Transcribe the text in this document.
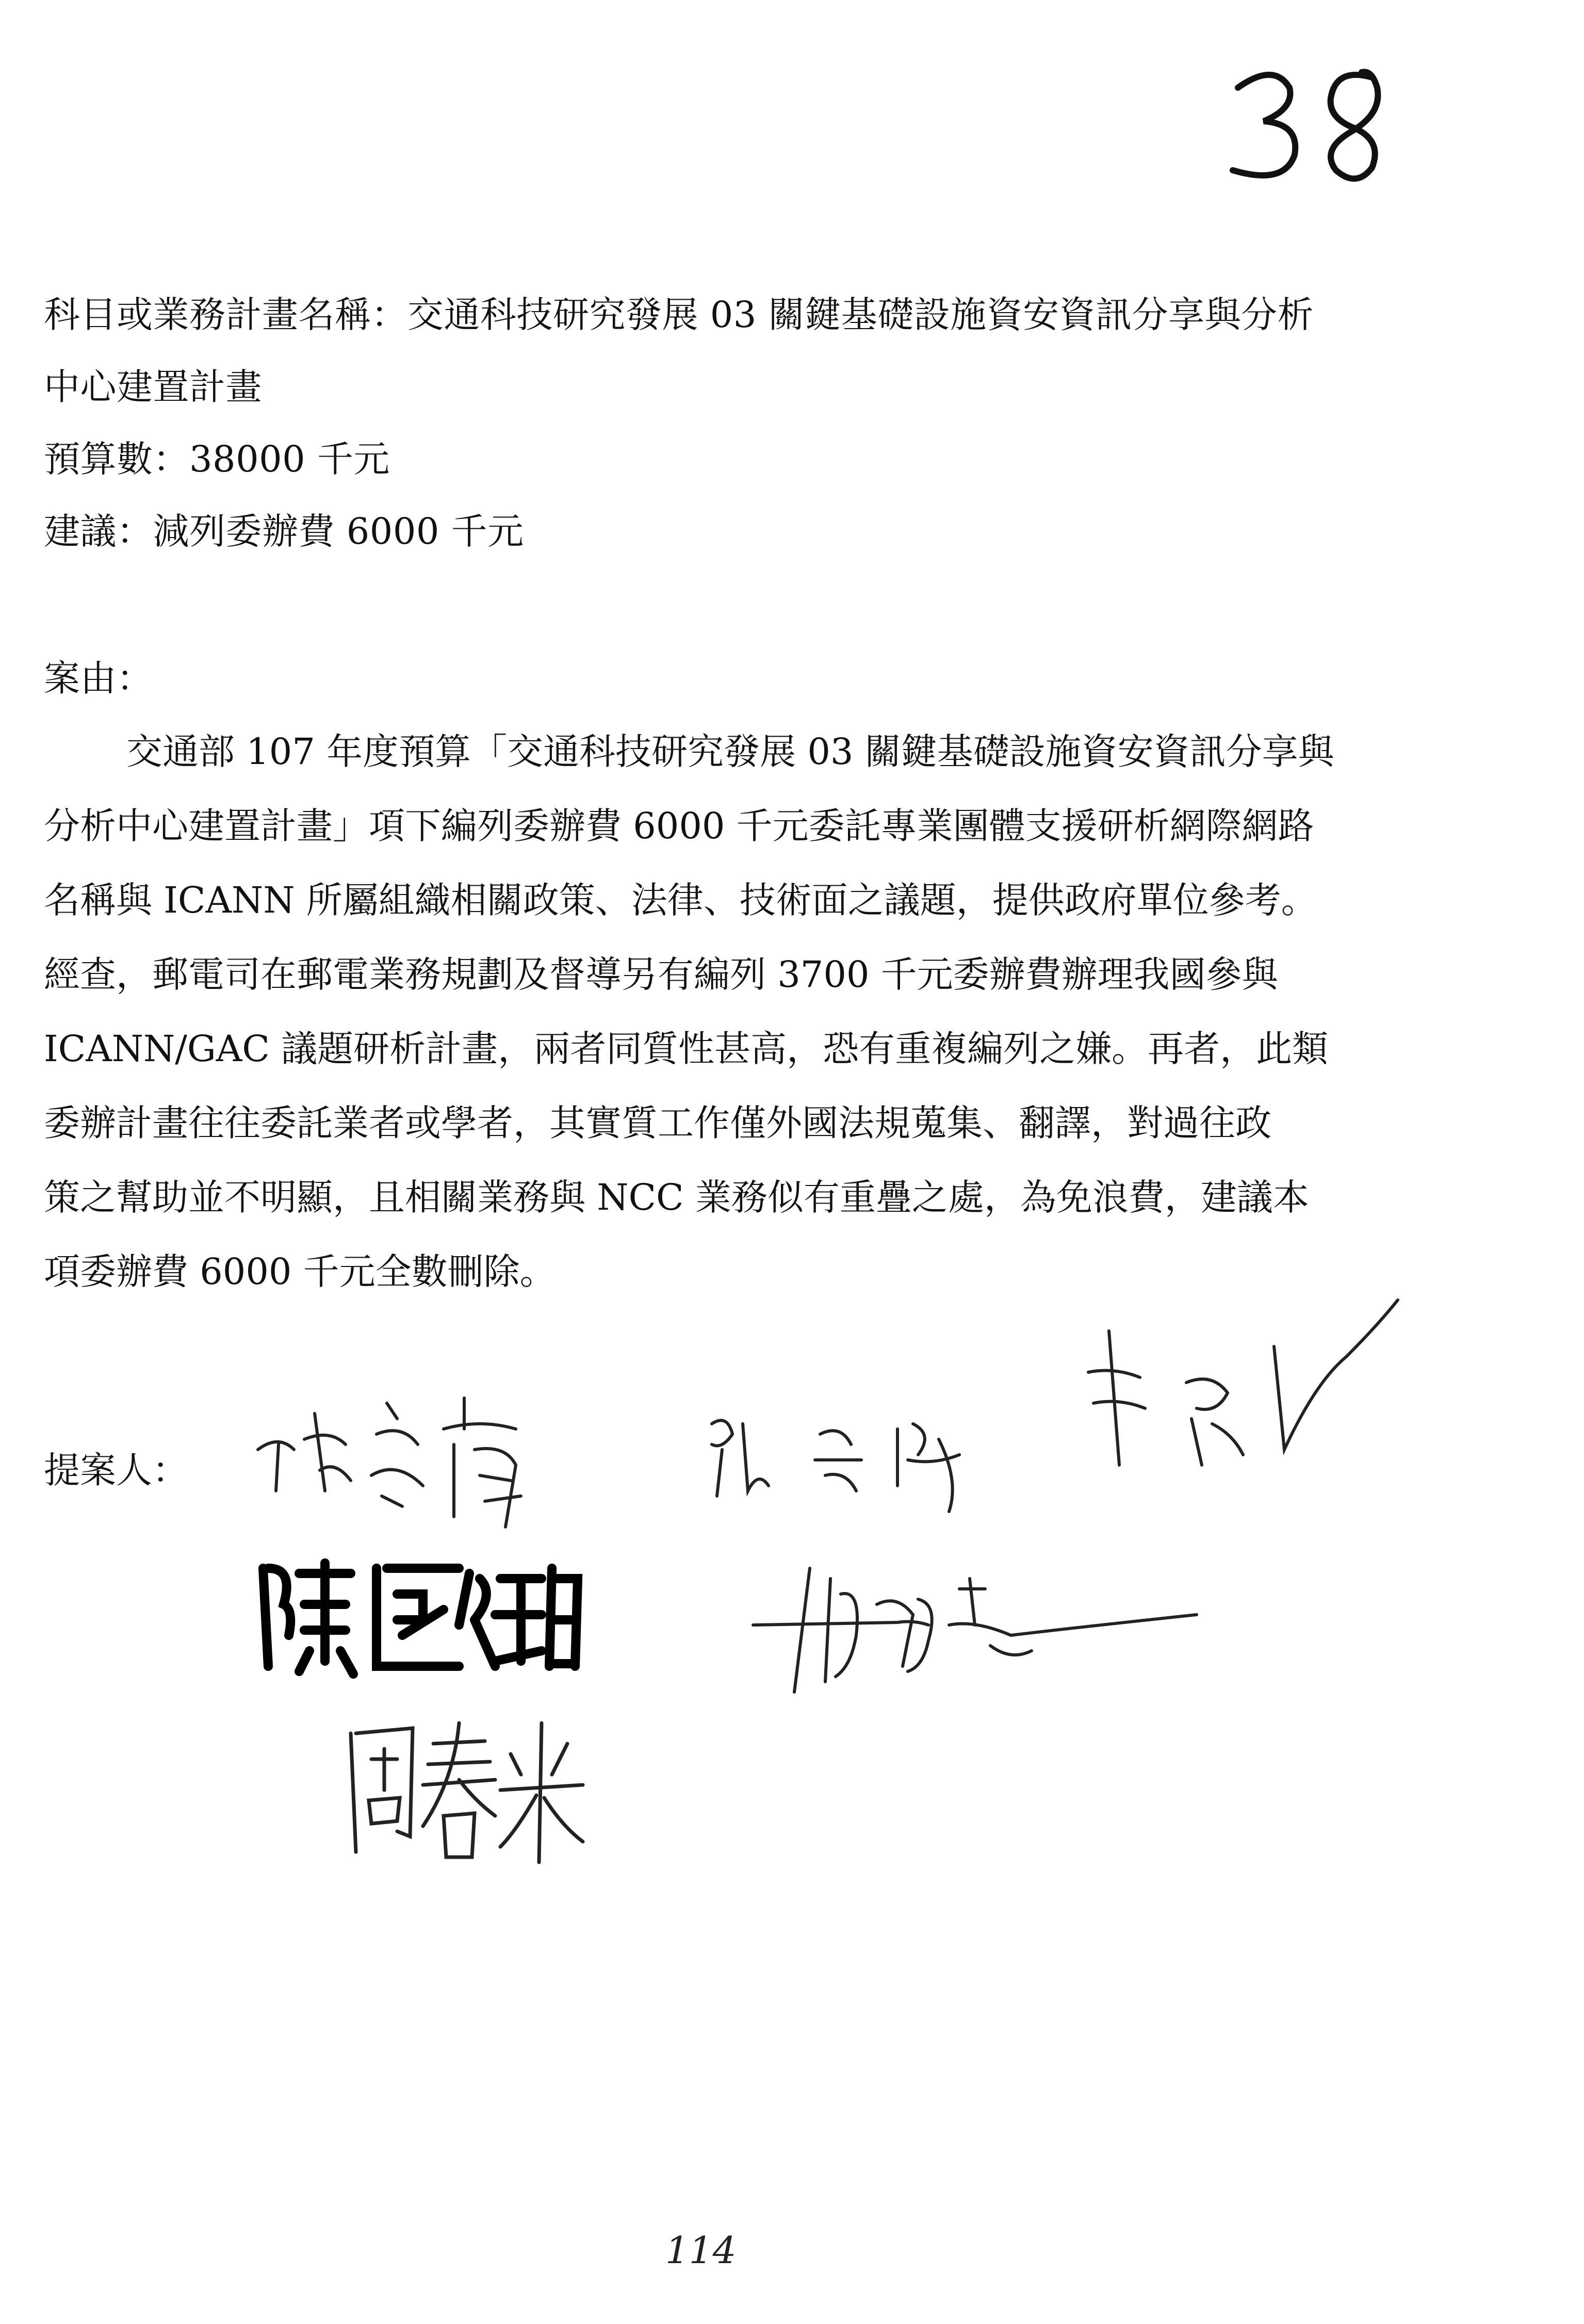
科目或業務計畫名稱：交通科技研究發展 03 關鍵基礎設施資安資訊分享與分析
中心建置計畫
預算數：38000 千元
建議：減列委辦費 6000 千元
案由：
交通部 107 年度預算「交通科技研究發展 03 關鍵基礎設施資安資訊分享與
分析中心建置計畫」項下編列委辦費 6000 千元委託專業團體支援研析網際網路
名稱與 ICANN 所屬組織相關政策、法律、技術面之議題，提供政府單位參考。
經查，郵電司在郵電業務規劃及督導另有編列 3700 千元委辦費辦理我國參與
ICANN/GAC 議題研析計畫，兩者同質性甚高，恐有重複編列之嫌。再者，此類
委辦計畫往往委託業者或學者，其實質工作僅外國法規蒐集、翻譯，對過往政
策之幫助並不明顯，且相關業務與 NCC 業務似有重疊之處，為免浪費，建議本
項委辦費 6000 千元全數刪除。
提案人：
114
